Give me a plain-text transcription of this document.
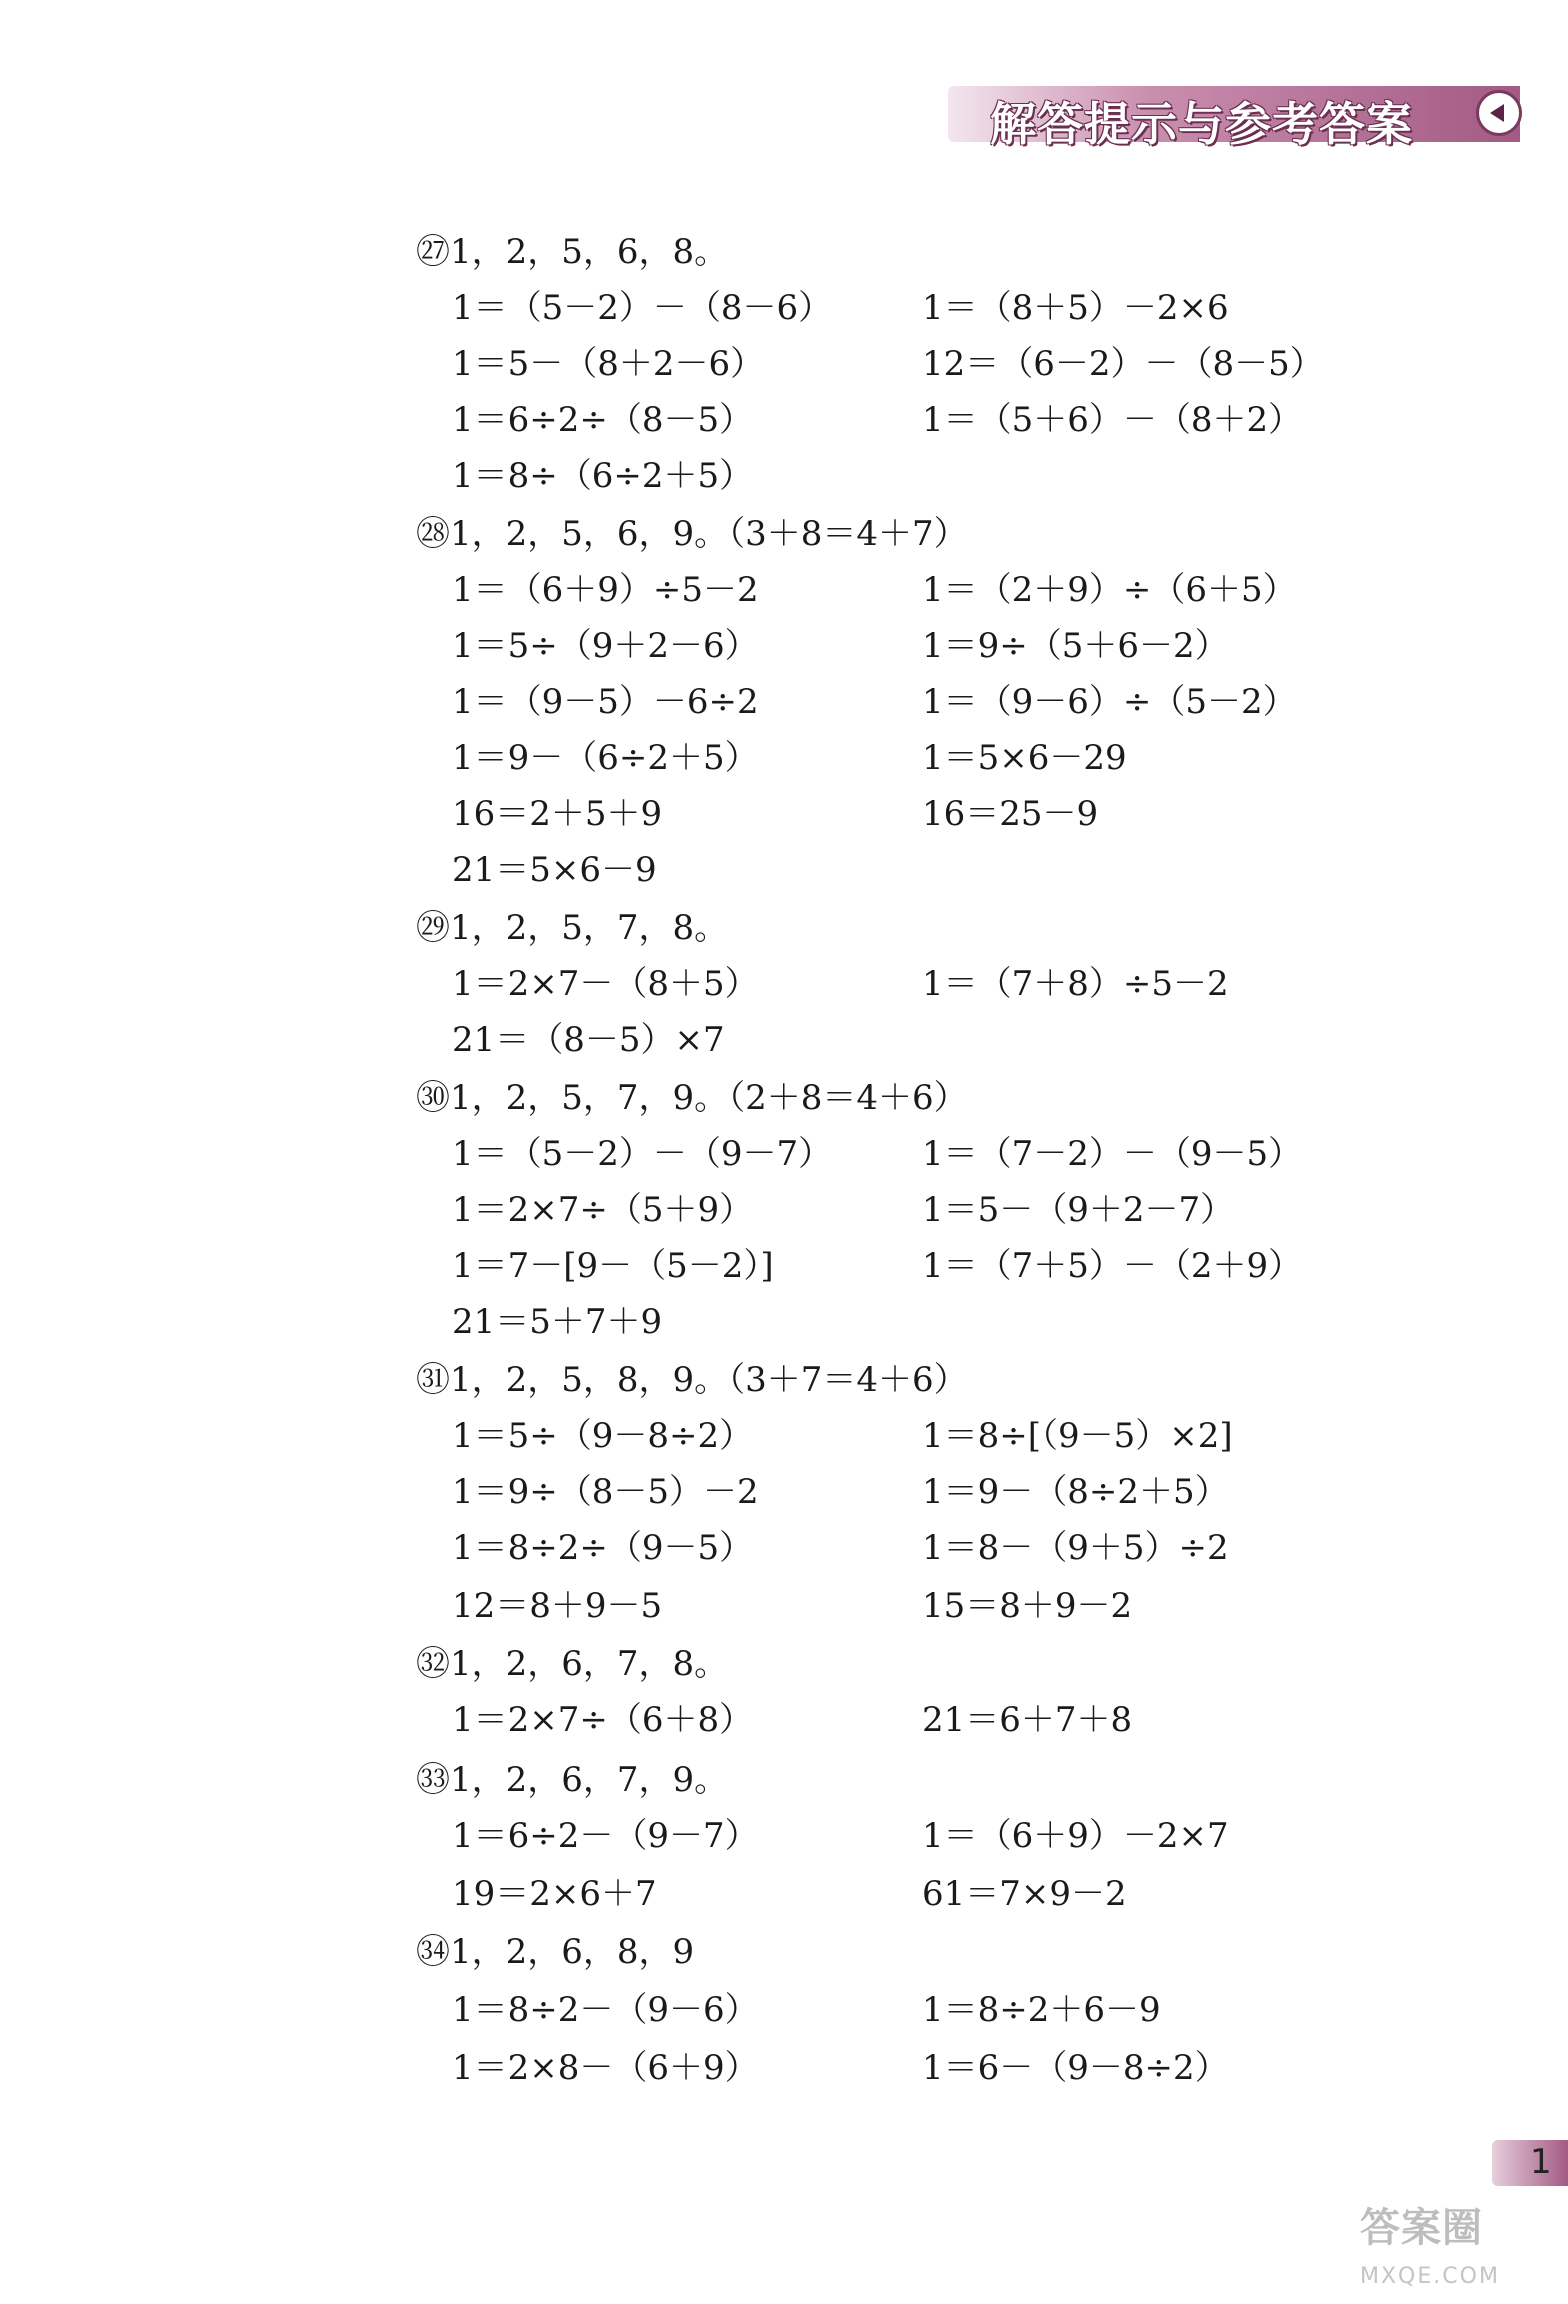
解答提示与参考答案
㉗1，2，5，6，8。
1＝（5－2）－（8－6）	1＝（8＋5）－2×6
1＝5－（8＋2－6）	12＝（6－2）－（8－5）
1＝6÷2÷（8－5）	1＝（5＋6）－（8＋2）
1＝8÷（6÷2＋5）
㉘1，2，5，6，9。（3＋8＝4＋7）
1＝（6＋9）÷5－2	1＝（2＋9）÷（6＋5）
1＝5÷（9＋2－6）	1＝9÷（5＋6－2）
1＝（9－5）－6÷2	1＝（9－6）÷（5－2）
1＝9－（6÷2＋5）	1＝5×6－29
16＝2＋5＋9	16＝25－9
21＝5×6－9
㉙1，2，5，7，8。
1＝2×7－（8＋5）	1＝（7＋8）÷5－2
21＝（8－5）×7
㉚1，2，5，7，9。（2＋8＝4＋6）
1＝（5－2）－（9－7）	1＝（7－2）－（9－5）
1＝2×7÷（5＋9）	1＝5－（9＋2－7）
1＝7－[9－（5－2）]	1＝（7＋5）－（2＋9）
21＝5＋7＋9
㉛1，2，5，8，9。（3＋7＝4＋6）
1＝5÷（9－8÷2）	1＝8÷[（9－5）×2]
1＝9÷（8－5）－2	1＝9－（8÷2＋5）
1＝8÷2÷（9－5）	1＝8－（9＋5）÷2
12＝8＋9－5	15＝8＋9－2
㉜1，2，6，7，8。
1＝2×7÷（6＋8）	21＝6＋7＋8
㉝1，2，6，7，9。
1＝6÷2－（9－7）	1＝（6＋9）－2×7
19＝2×6＋7	61＝7×9－2
㉞1，2，6，8，9
1＝8÷2－（9－6）	1＝8÷2＋6－9
1＝2×8－（6＋9）	1＝6－（9－8÷2）
1
答案圈
MXQE.COM
